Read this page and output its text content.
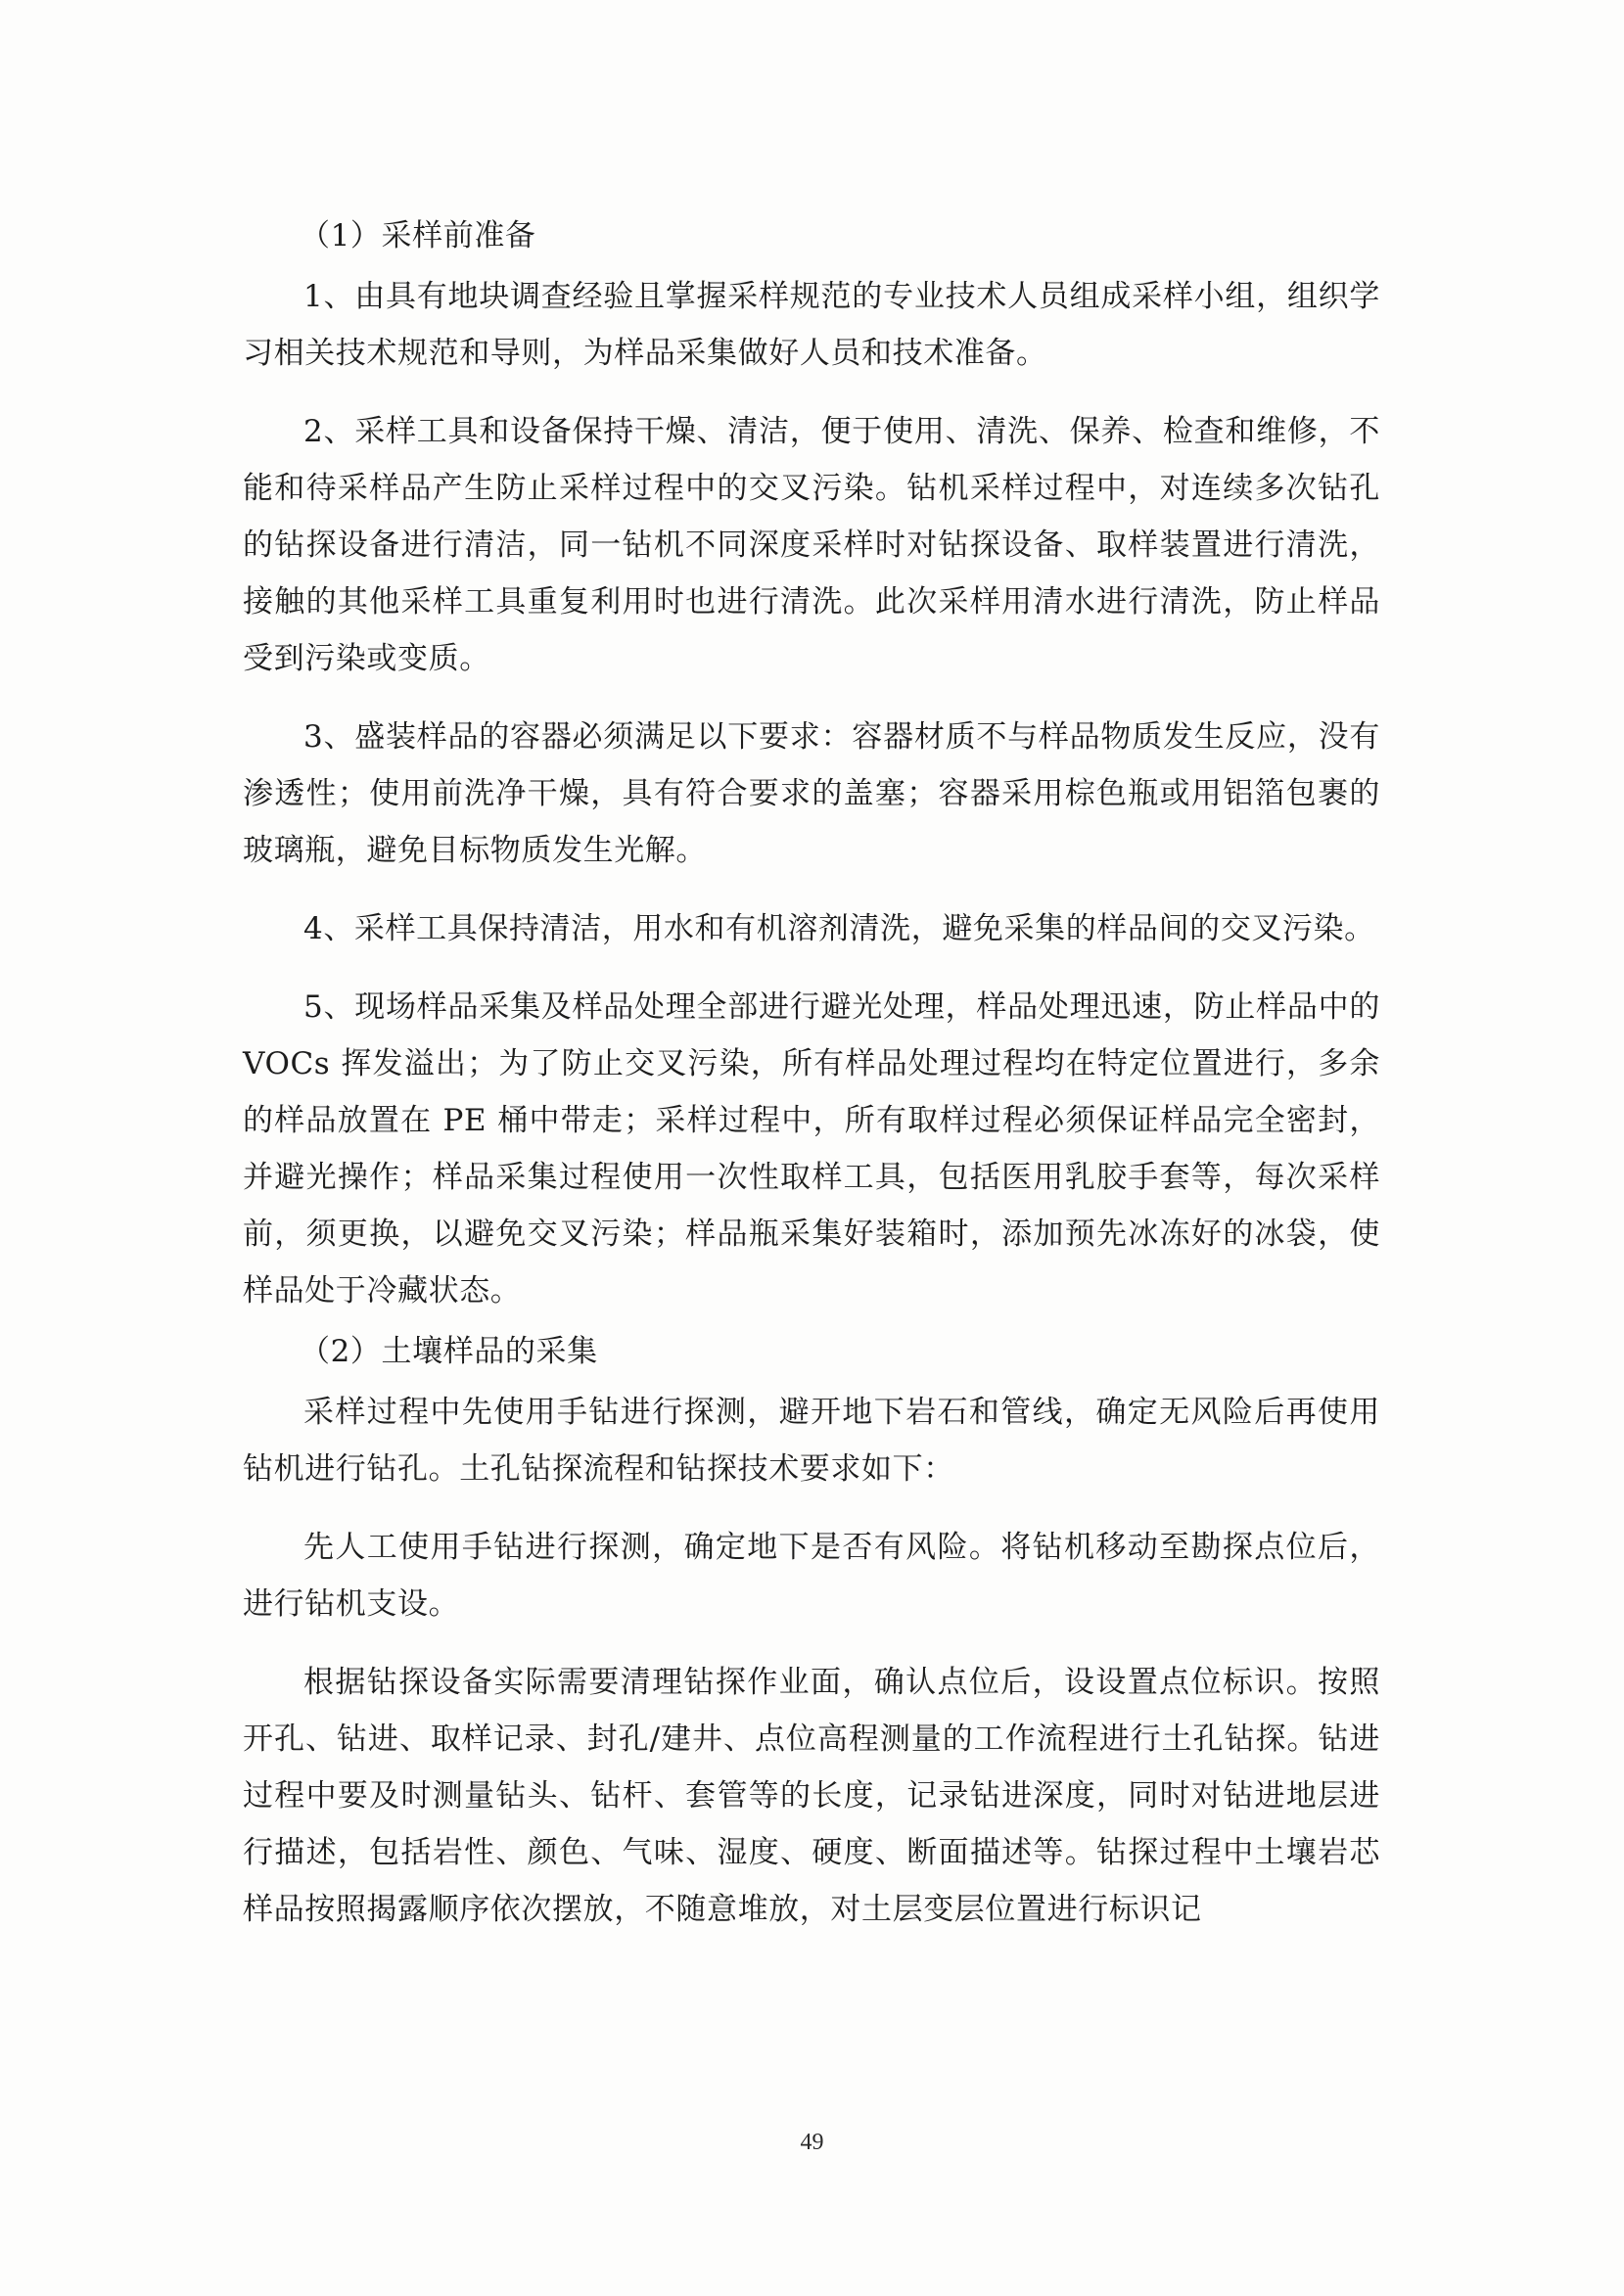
（1）采样前准备

1、由具有地块调查经验且掌握采样规范的专业技术人员组成采样小组，组织学习相关技术规范和导则，为样品采集做好人员和技术准备。

2、采样工具和设备保持干燥、清洁，便于使用、清洗、保养、检查和维修，不能和待采样品产生防止采样过程中的交叉污染。钻机采样过程中，对连续多次钻孔的钻探设备进行清洁，同一钻机不同深度采样时对钻探设备、取样装置进行清洗，接触的其他采样工具重复利用时也进行清洗。此次采样用清水进行清洗，防止样品受到污染或变质。

3、盛装样品的容器必须满足以下要求：容器材质不与样品物质发生反应，没有渗透性；使用前洗净干燥，具有符合要求的盖塞；容器采用棕色瓶或用铝箔包裹的玻璃瓶，避免目标物质发生光解。

4、采样工具保持清洁，用水和有机溶剂清洗，避免采集的样品间的交叉污染。

5、现场样品采集及样品处理全部进行避光处理，样品处理迅速，防止样品中的 VOCs 挥发溢出；为了防止交叉污染，所有样品处理过程均在特定位置进行，多余的样品放置在 PE 桶中带走；采样过程中，所有取样过程必须保证样品完全密封，并避光操作；样品采集过程使用一次性取样工具，包括医用乳胶手套等，每次采样前，须更换，以避免交叉污染；样品瓶采集好装箱时，添加预先冰冻好的冰袋，使样品处于冷藏状态。

（2）土壤样品的采集

采样过程中先使用手钻进行探测，避开地下岩石和管线，确定无风险后再使用钻机进行钻孔。土孔钻探流程和钻探技术要求如下：

先人工使用手钻进行探测，确定地下是否有风险。将钻机移动至勘探点位后，进行钻机支设。

根据钻探设备实际需要清理钻探作业面，确认点位后，设设置点位标识。按照开孔、钻进、取样记录、封孔/建井、点位高程测量的工作流程进行土孔钻探。钻进过程中要及时测量钻头、钻杆、套管等的长度，记录钻进深度，同时对钻进地层进行描述，包括岩性、颜色、气味、湿度、硬度、断面描述等。钻探过程中土壤岩芯样品按照揭露顺序依次摆放，不随意堆放，对土层变层位置进行标识记

49
